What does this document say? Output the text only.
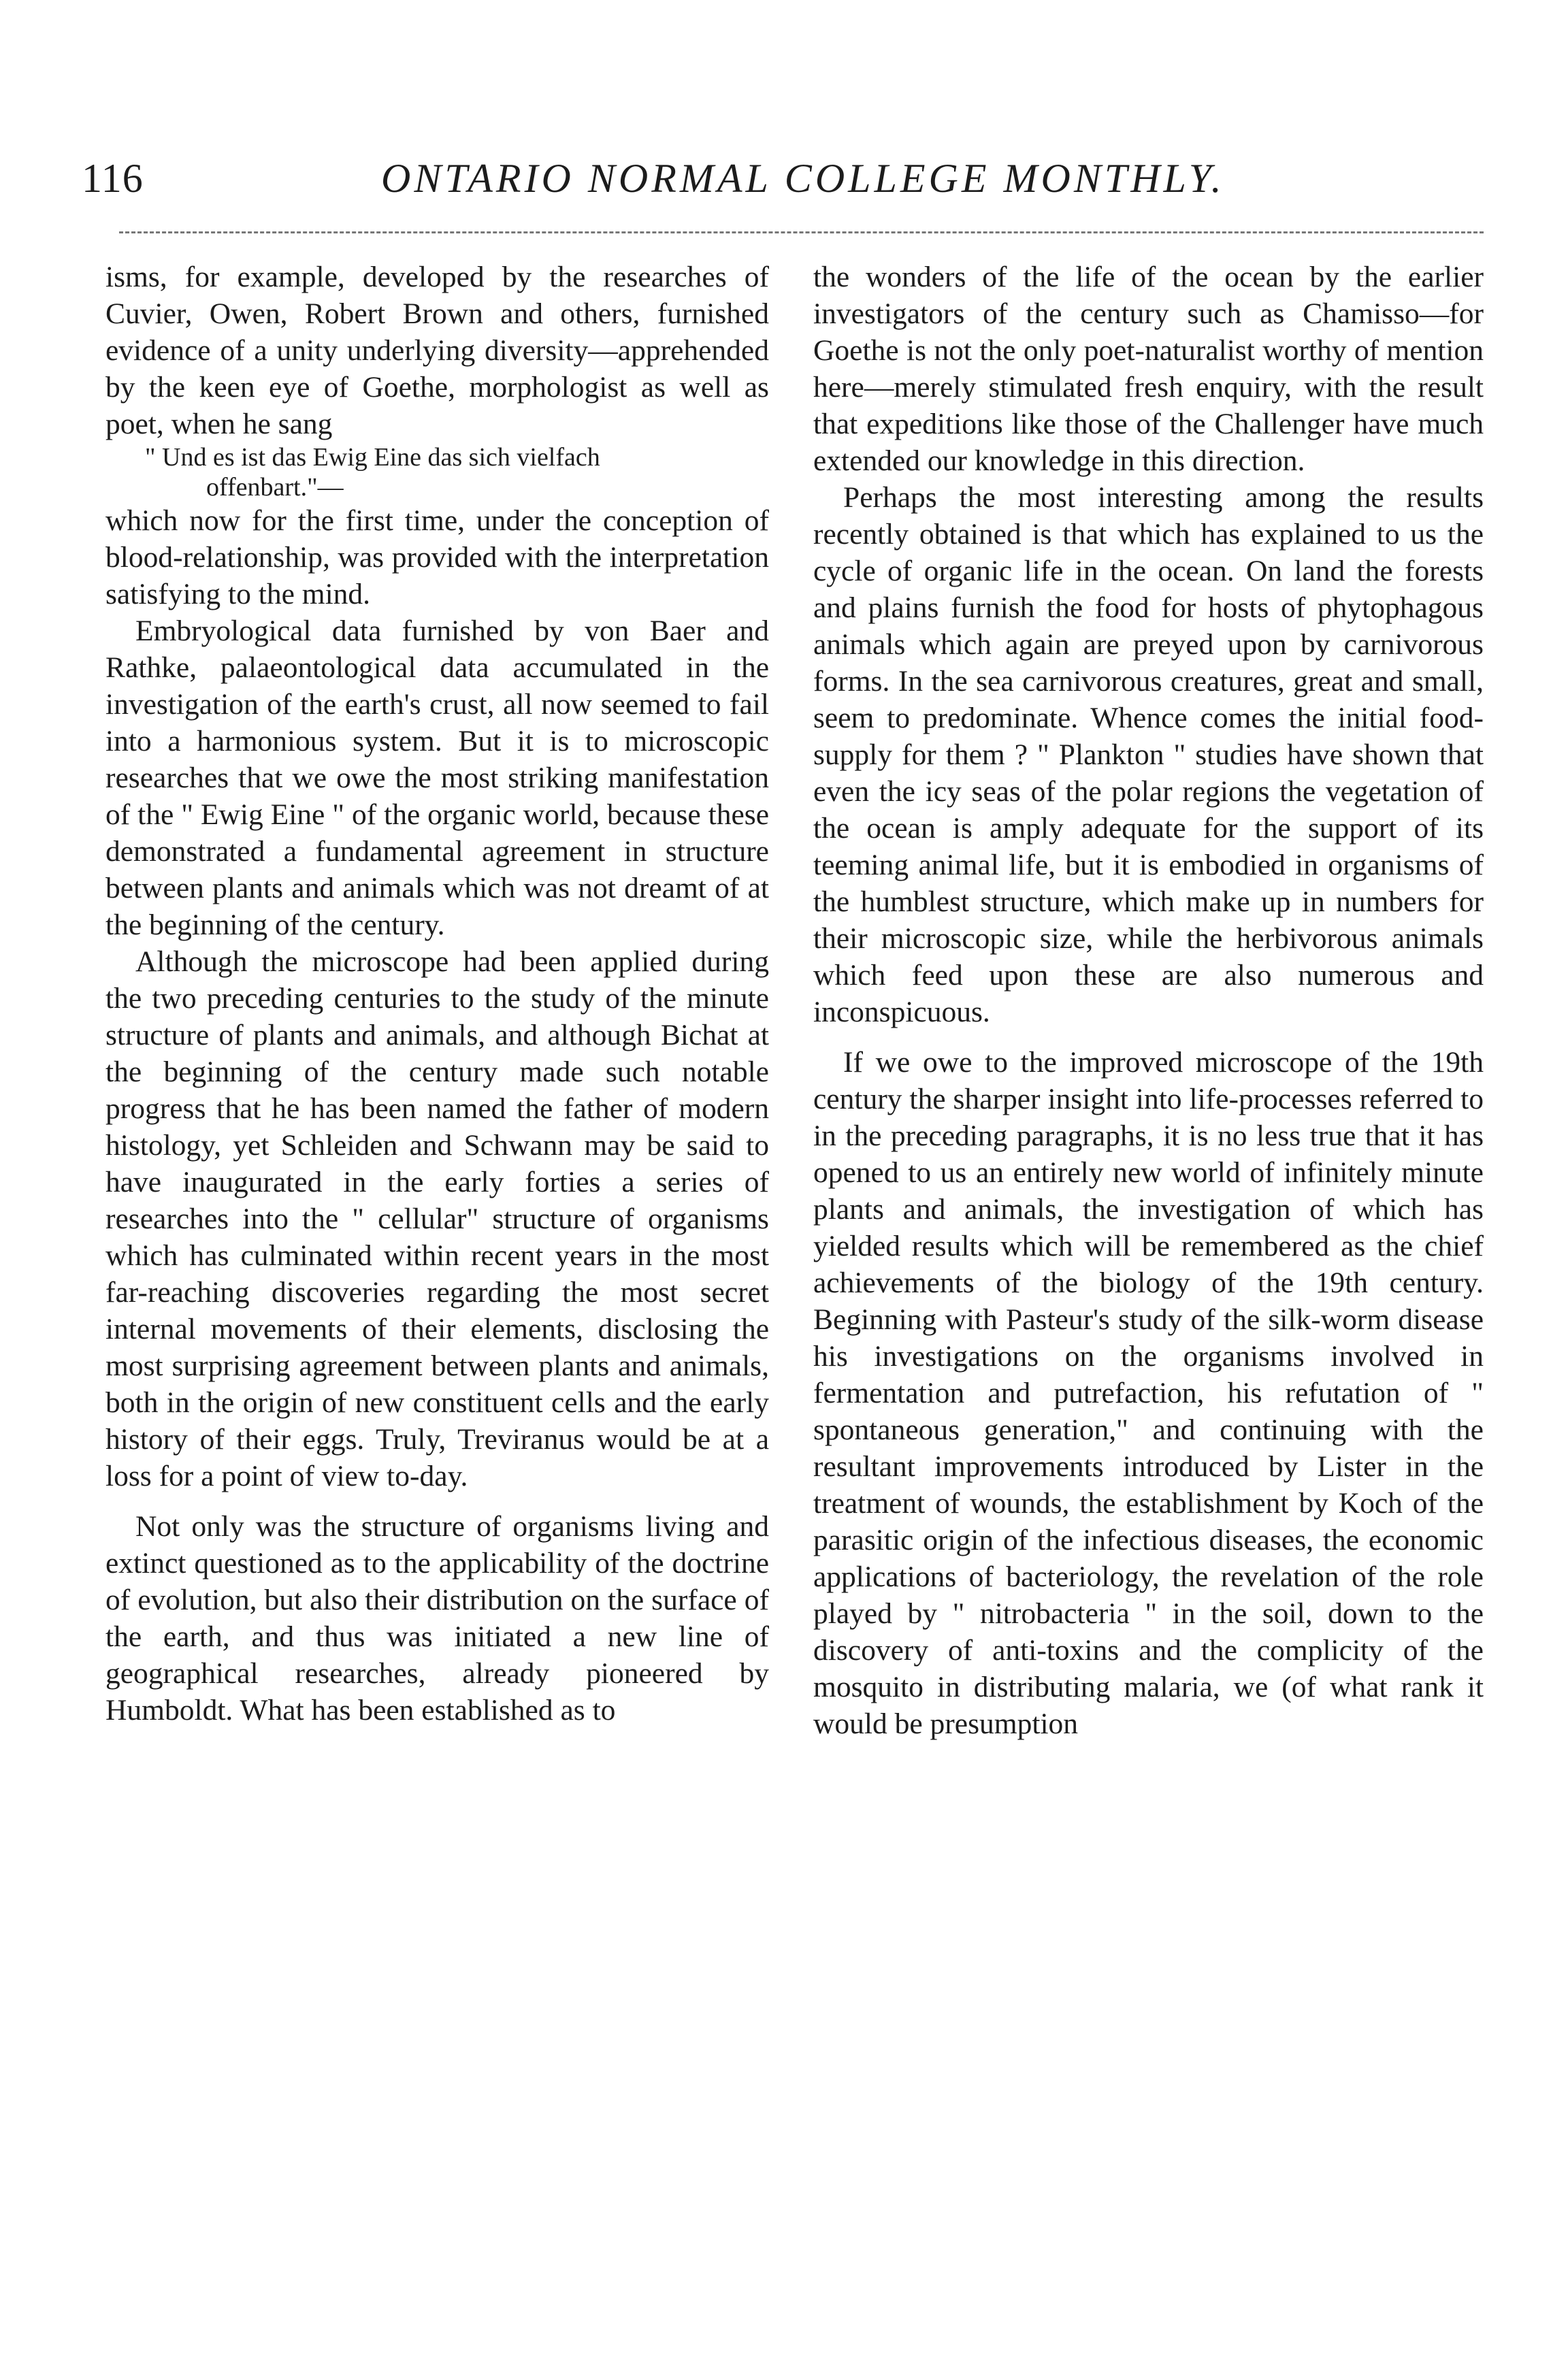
116	ONTARIO NORMAL COLLEGE MONTHLY.

isms, for example, developed by the researches of Cuvier, Owen, Robert Brown and others, furnished evidence of a unity underlying diversity—apprehended by the keen eye of Goethe, morphologist as well as poet, when he sang

" Und es ist das Ewig Eine das sich vielfach
offenbart."—

which now for the first time, under the conception of blood-relationship, was provided with the interpretation satisfying to the mind.

Embryological data furnished by von Baer and Rathke, palaeontological data accumulated in the investigation of the earth's crust, all now seemed to fail into a harmonious system. But it is to microscopic researches that we owe the most striking manifestation of the " Ewig Eine " of the organic world, because these demonstrated a fundamental agreement in structure between plants and animals which was not dreamt of at the beginning of the century.

Although the microscope had been applied during the two preceding centuries to the study of the minute structure of plants and animals, and although Bichat at the beginning of the century made such notable progress that he has been named the father of modern histology, yet Schleiden and Schwann may be said to have inaugurated in the early forties a series of researches into the " cellular" structure of organisms which has culminated within recent years in the most far-reaching discoveries regarding the most secret internal movements of their elements, disclosing the most surprising agreement between plants and animals, both in the origin of new constituent cells and the early history of their eggs. Truly, Treviranus would be at a loss for a point of view to-day.

Not only was the structure of organisms living and extinct questioned as to the applicability of the doctrine of evolution, but also their distribution on the surface of the earth, and thus was initiated a new line of geographical researches, already pioneered by Humboldt. What has been established as to

the wonders of the life of the ocean by the earlier investigators of the century such as Chamisso—for Goethe is not the only poet-naturalist worthy of mention here—merely stimulated fresh enquiry, with the result that expeditions like those of the Challenger have much extended our knowledge in this direction.

Perhaps the most interesting among the results recently obtained is that which has explained to us the cycle of organic life in the ocean. On land the forests and plains furnish the food for hosts of phytophagous animals which again are preyed upon by carnivorous forms. In the sea carnivorous creatures, great and small, seem to predominate. Whence comes the initial food-supply for them ? " Plankton " studies have shown that even the icy seas of the polar regions the vegetation of the ocean is amply adequate for the support of its teeming animal life, but it is embodied in organisms of the humblest structure, which make up in numbers for their microscopic size, while the herbivorous animals which feed upon these are also numerous and inconspicuous.

If we owe to the improved microscope of the 19th century the sharper insight into life-processes referred to in the preceding paragraphs, it is no less true that it has opened to us an entirely new world of infinitely minute plants and animals, the investigation of which has yielded results which will be remembered as the chief achievements of the biology of the 19th century. Beginning with Pasteur's study of the silk-worm disease his investigations on the organisms involved in fermentation and putrefaction, his refutation of " spontaneous generation," and continuing with the resultant improvements introduced by Lister in the treatment of wounds, the establishment by Koch of the parasitic origin of the infectious diseases, the economic applications of bacteriology, the revelation of the role played by " nitrobacteria " in the soil, down to the discovery of anti-toxins and the complicity of the mosquito in distributing malaria, we (of what rank it would be presumption
